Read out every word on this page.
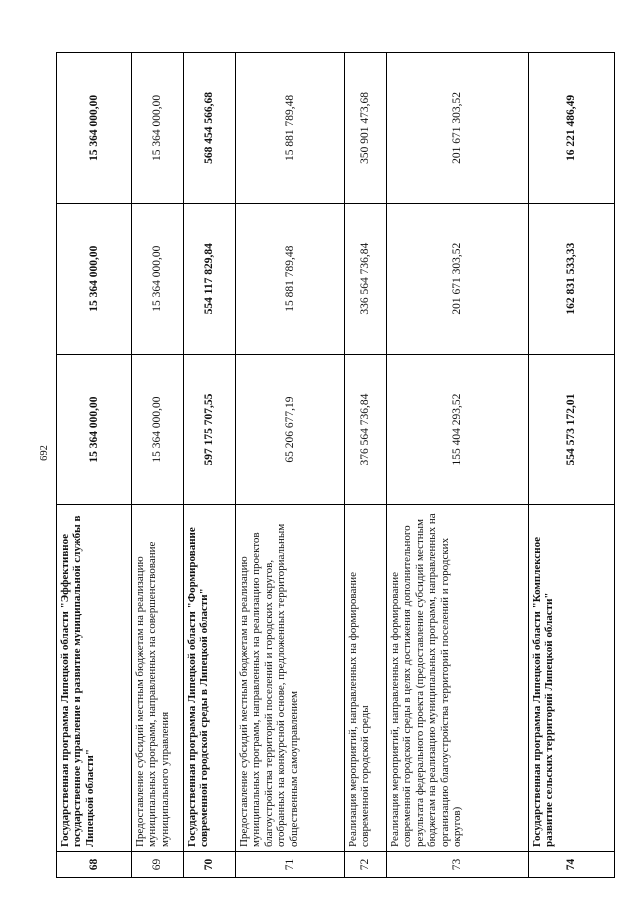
692
68
Государственная программа Липецкой области "Эффективное государственное управление и развитие муниципальной службы в Липецкой области"
15 364 000,00
15 364 000,00
15 364 000,00
69
Предоставление субсидий местным бюджетам на реализацию муниципальных программ, направленных на совершенствование муниципального управления
15 364 000,00
15 364 000,00
15 364 000,00
70
Государственная программа Липецкой области "Формирование современной городской среды в Липецкой области"
597 175 707,55
554 117 829,84
568 454 566,68
71
Предоставление субсидий местным бюджетам на реализацию муниципальных программ, направленных на реализацию проектов благоустройства территорий поселений и городских округов, отобранных на конкурсной основе, предложенных территориальным общественным самоуправлением
65 206 677,19
15 881 789,48
15 881 789,48
72
Реализация мероприятий, направленных на формирование современной городской среды
376 564 736,84
336 564 736,84
350 901 473,68
73
Реализация мероприятий, направленных на формирование современной городской среды в целях достижения дополнительного результата федерального проекта (предоставление субсидий местным бюджетам на реализацию муниципальных программ, направленных на организацию благоустройства территорий поселений и городских округов)
155 404 293,52
201 671 303,52
201 671 303,52
74
Государственная программа Липецкой области "Комплексное развитие сельских территорий Липецкой области"
554 573 172,01
162 831 533,33
16 221 486,49
